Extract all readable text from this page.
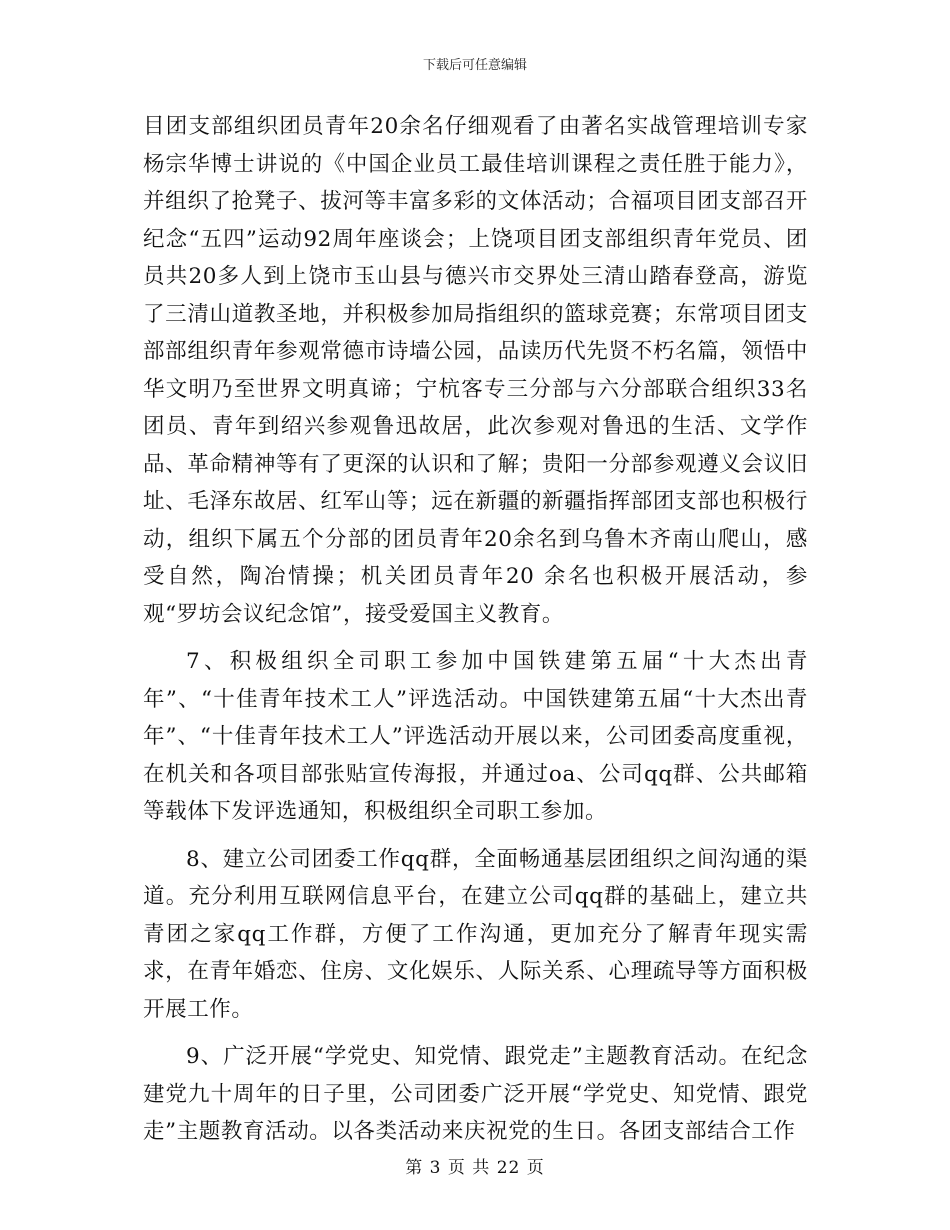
下载后可任意编辑

目团支部组织团员青年20余名仔细观看了由著名实战管理培训专家杨宗华博士讲说的《中国企业员工最佳培训课程之责任胜于能力》，并组织了抢凳子、拔河等丰富多彩的文体活动；合福项目团支部召开纪念“五四”运动92周年座谈会；上饶项目团支部组织青年党员、团员共20多人到上饶市玉山县与德兴市交界处三清山踏春登高，游览了三清山道教圣地，并积极参加局指组织的篮球竞赛；东常项目团支部部组织青年参观常德市诗墙公园，品读历代先贤不朽名篇，领悟中华文明乃至世界文明真谛；宁杭客专三分部与六分部联合组织33名团员、青年到绍兴参观鲁迅故居，此次参观对鲁迅的生活、文学作品、革命精神等有了更深的认识和了解；贵阳一分部参观遵义会议旧址、毛泽东故居、红军山等；远在新疆的新疆指挥部团支部也积极行动，组织下属五个分部的团员青年20余名到乌鲁木齐南山爬山，感受自然，陶冶情操；机关团员青年20 余名也积极开展活动，参观“罗坊会议纪念馆”，接受爱国主义教育。

7、积极组织全司职工参加中国铁建第五届“十大杰出青年”、“十佳青年技术工人”评选活动。中国铁建第五届“十大杰出青年”、“十佳青年技术工人”评选活动开展以来，公司团委高度重视，在机关和各项目部张贴宣传海报，并通过oa、公司qq群、公共邮箱等载体下发评选通知，积极组织全司职工参加。

8、建立公司团委工作qq群，全面畅通基层团组织之间沟通的渠道。充分利用互联网信息平台，在建立公司qq群的基础上，建立共青团之家qq工作群，方便了工作沟通，更加充分了解青年现实需求，在青年婚恋、住房、文化娱乐、人际关系、心理疏导等方面积极开展工作。

9、广泛开展“学党史、知党情、跟党走”主题教育活动。在纪念建党九十周年的日子里，公司团委广泛开展“学党史、知党情、跟党走”主题教育活动。以各类活动来庆祝党的生日。各团支部结合工作

第 3 页 共 22 页
